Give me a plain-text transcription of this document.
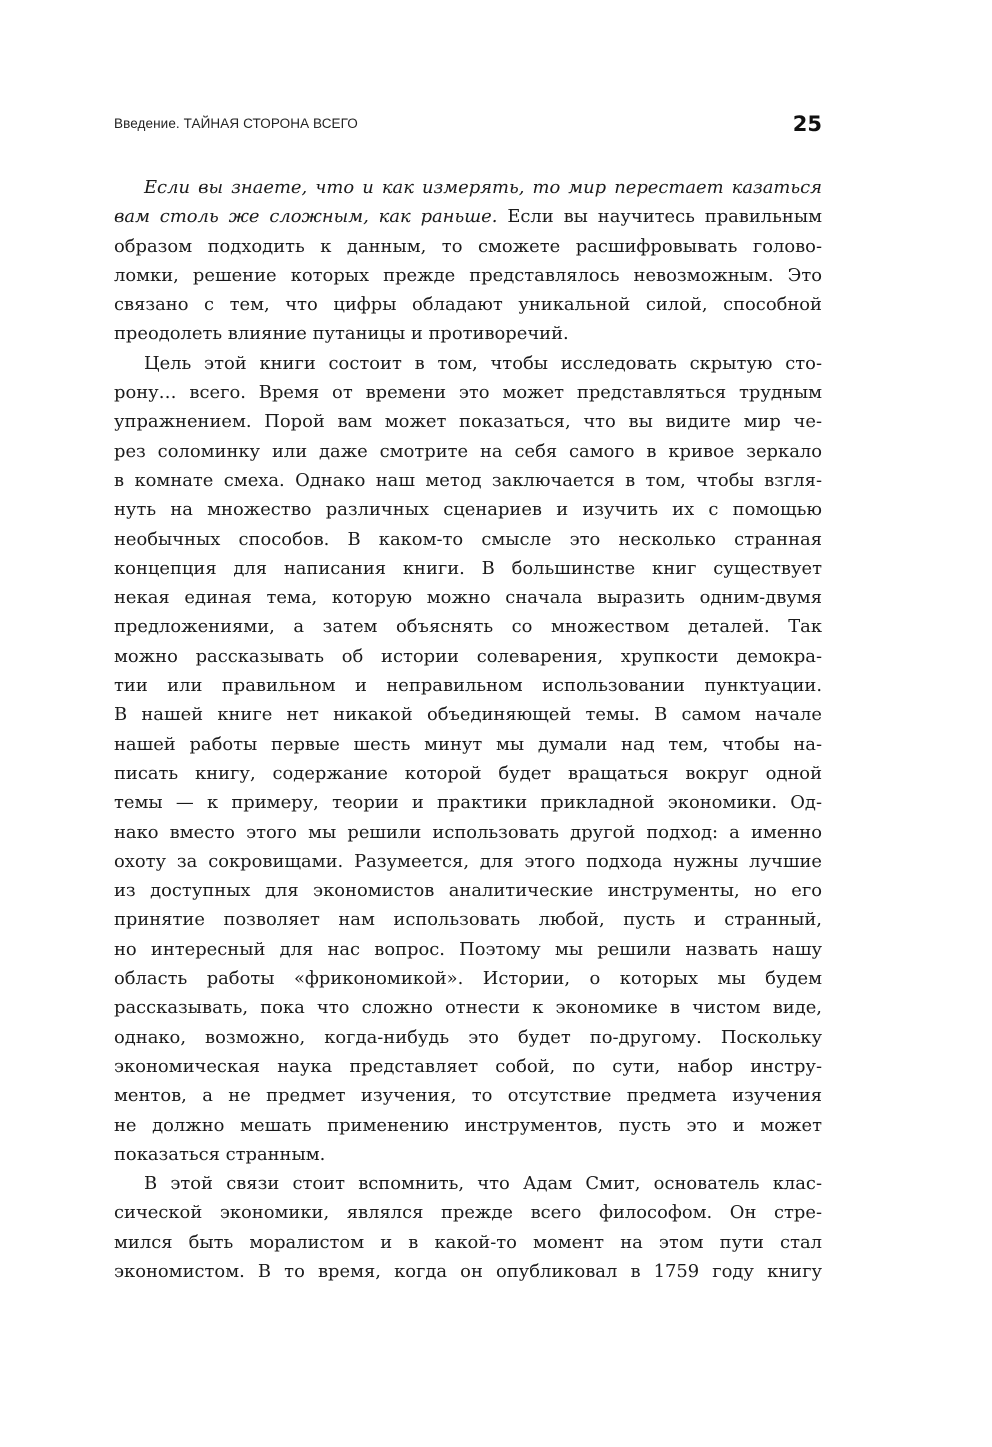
Введение. ТАЙНАЯ СТОРОНА ВСЕГО	25
Если вы знаете, что и как измерять, то мир перестает казаться
вам столь же сложным, как раньше. Если вы научитесь правильным
образом подходить к данным, то сможете расшифровывать голово-
ломки, решение которых прежде представлялось невозможным. Это
связано с тем, что цифры обладают уникальной силой, способной
преодолеть влияние путаницы и противоречий.
Цель этой книги состоит в том, чтобы исследовать скрытую сто-
рону… всего. Время от времени это может представляться трудным
упражнением. Порой вам может показаться, что вы видите мир че-
рез соломинку или даже смотрите на себя самого в кривое зеркало
в комнате смеха. Однако наш метод заключается в том, чтобы взгля-
нуть на множество различных сценариев и изучить их с помощью
необычных способов. В каком-то смысле это несколько странная
концепция для написания книги. В большинстве книг существует
некая единая тема, которую можно сначала выразить одним-двумя
предложениями, а затем объяснять со множеством деталей. Так
можно рассказывать об истории солеварения, хрупкости демокра-
тии или правильном и неправильном использовании пунктуации.
В нашей книге нет никакой объединяющей темы. В самом начале
нашей работы первые шесть минут мы думали над тем, чтобы на-
писать книгу, содержание которой будет вращаться вокруг одной
темы — к примеру, теории и практики прикладной экономики. Од-
нако вместо этого мы решили использовать другой подход: а именно
охоту за сокровищами. Разумеется, для этого подхода нужны лучшие
из доступных для экономистов аналитические инструменты, но его
принятие позволяет нам использовать любой, пусть и странный,
но интересный для нас вопрос. Поэтому мы решили назвать нашу
область работы «фрикономикой». Истории, о которых мы будем
рассказывать, пока что сложно отнести к экономике в чистом виде,
однако, возможно, когда-нибудь это будет по-другому. Поскольку
экономическая наука представляет собой, по сути, набор инстру-
ментов, а не предмет изучения, то отсутствие предмета изучения
не должно мешать применению инструментов, пусть это и может
показаться странным.
В этой связи стоит вспомнить, что Адам Смит, основатель клас-
сической экономики, являлся прежде всего философом. Он стре-
мился быть моралистом и в какой-то момент на этом пути стал
экономистом. В то время, когда он опубликовал в 1759 году книгу
